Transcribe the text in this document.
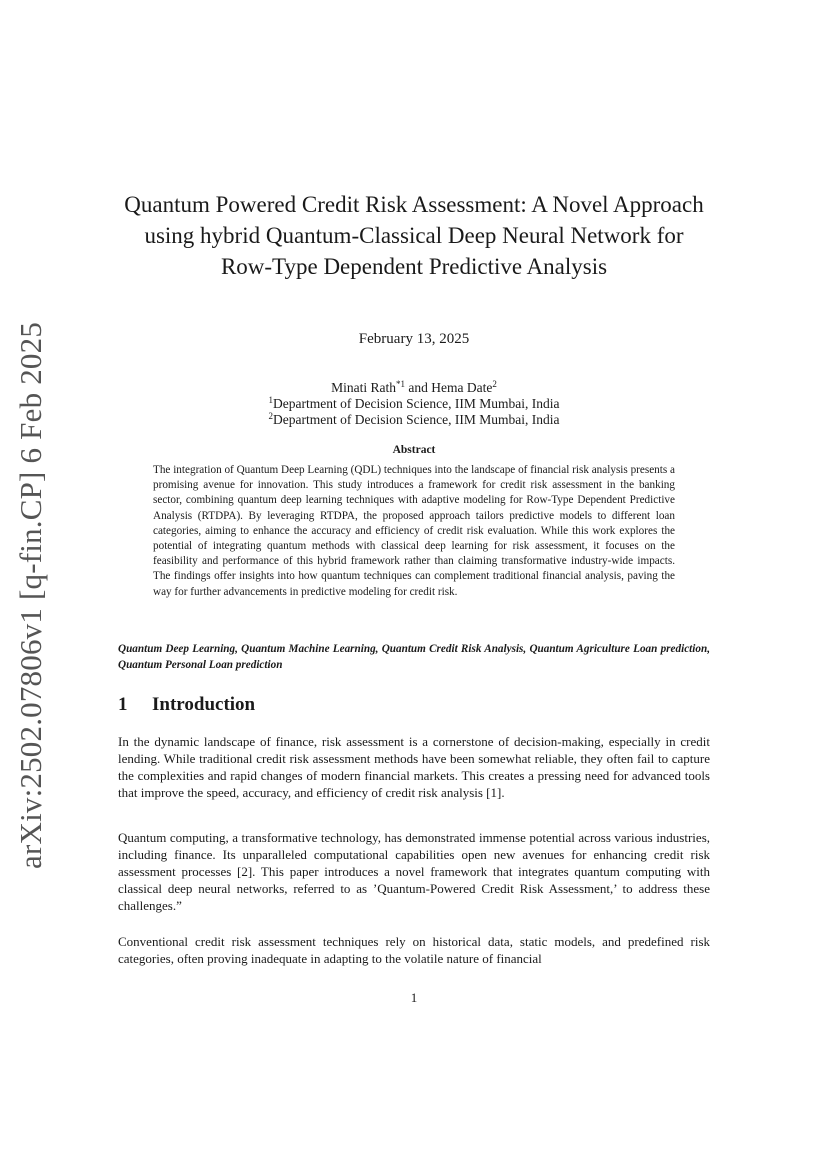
arXiv:2502.07806v1 [q-fin.CP] 6 Feb 2025
Quantum Powered Credit Risk Assessment: A Novel Approach using hybrid Quantum-Classical Deep Neural Network for Row-Type Dependent Predictive Analysis
February 13, 2025
Minati Rath$^{*1}$ and Hema Date$^2$
$^1$Department of Decision Science, IIM Mumbai, India
$^2$Department of Decision Science, IIM Mumbai, India
Abstract

The integration of Quantum Deep Learning (QDL) techniques into the landscape of financial risk analysis presents a promising avenue for innovation. This study introduces a framework for credit risk assessment in the banking sector, combining quantum deep learning techniques with adaptive modeling for Row-Type Dependent Predictive Analysis (RTDPA). By leveraging RTDPA, the proposed approach tailors predictive models to different loan categories, aiming to enhance the accuracy and efficiency of credit risk evaluation. While this work explores the potential of integrating quantum methods with classical deep learning for risk assessment, it focuses on the feasibility and performance of this hybrid framework rather than claiming transformative industry-wide impacts. The findings offer insights into how quantum techniques can complement traditional financial analysis, paving the way for further advancements in predictive modeling for credit risk.

Quantum Deep Learning, Quantum Machine Learning, Quantum Credit Risk Analysis, Quantum Agriculture Loan prediction, Quantum Personal Loan prediction

1 Introduction

In the dynamic landscape of finance, risk assessment is a cornerstone of decision-making, especially in credit lending. While traditional credit risk assessment methods have been somewhat reliable, they often fail to capture the complexities and rapid changes of modern financial markets. This creates a pressing need for advanced tools that improve the speed, accuracy, and efficiency of credit risk analysis [1].

Quantum computing, a transformative technology, has demonstrated immense potential across various industries, including finance. Its unparalleled computational capabilities open new avenues for enhancing credit risk assessment processes [2]. This paper introduces a novel framework that integrates quantum computing with classical deep neural networks, referred to as ’Quantum-Powered Credit Risk Assessment,’ to address these challenges.”

Conventional credit risk assessment techniques rely on historical data, static models, and predefined risk categories, often proving inadequate in adapting to the volatile nature of financial

1
